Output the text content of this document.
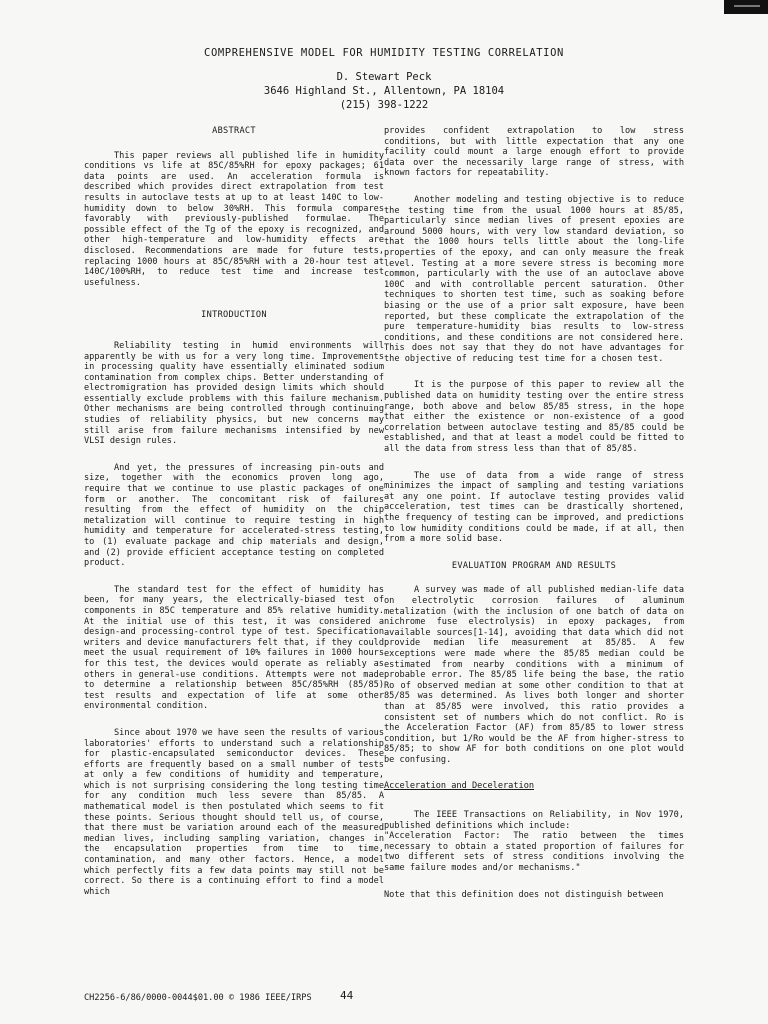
COMPREHENSIVE MODEL FOR HUMIDITY TESTING CORRELATION
D. Stewart Peck
3646 Highland St., Allentown, PA 18104
(215) 398-1222
ABSTRACT

This paper reviews all published life in humidity conditions vs life at 85C/85%RH for epoxy packages; 61 data points are used. An acceleration formula is described which provides direct extrapolation from test results in autoclave tests at up to at least 140C to low-humidity down to below 30%RH. This formula compares favorably with previously-published formulae. The possible effect of the Tg of the epoxy is recognized, and other high-temperature and low-humidity effects are disclosed. Recommendations are made for future tests, replacing 1000 hours at 85C/85%RH with a 20-hour test at 140C/100%RH, to reduce test time and increase test usefulness.

INTRODUCTION

Reliability testing in humid environments will apparently be with us for a very long time. Improvements in processing quality have essentially eliminated sodium contamination from complex chips. Better understanding of electromigration has provided design limits which should essentially exclude problems with this failure mechanism. Other mechanisms are being controlled through continuing studies of reliability physics, but new concerns may still arise from failure mechanisms intensified by new VLSI design rules.

And yet, the pressures of increasing pin-outs and size, together with the economics proven long ago, require that we continue to use plastic packages of one form or another. The concomitant risk of failures resulting from the effect of humidity on the chip metalization will continue to require testing in high humidity and temperature for accelerated-stress testing, to (1) evaluate package and chip materials and design, and (2) provide efficient acceptance testing on completed product.

The standard test for the effect of humidity has been, for many years, the electrically-biased test of components in 85C temperature and 85% relative humidity. At the initial use of this test, it was considered a design-and processing-control type of test. Specification writers and device manufacturers felt that, if they could meet the usual requirement of 10% failures in 1000 hours for this test, the devices would operate as reliably as others in general-use conditions. Attempts were not made to determine a relationship between 85C/85%RH (85/85) test results and expectation of life at some other environmental condition.

Since about 1970 we have seen the results of various laboratories' efforts to understand such a relationship for plastic-encapsulated semiconductor devices. These efforts are frequently based on a small number of tests at only a few conditions of humidity and temperature, which is not surprising considering the long testing time for any condition much less severe than 85/85. A mathematical model is then postulated which seems to fit these points. Serious thought should tell us, of course, that there must be variation around each of the measured median lives, including sampling variation, changes in the encapsulation properties from time to time, contamination, and many other factors. Hence, a model which perfectly fits a few data points may still not be correct. So there is a continuing effort to find a model which

provides confident extrapolation to low stress conditions, but with little expectation that any one facility could mount a large enough effort to provide data over the necessarily large range of stress, with known factors for repeatability.

Another modeling and testing objective is to reduce the testing time from the usual 1000 hours at 85/85, particularly since median lives of present epoxies are around 5000 hours, with very low standard deviation, so that the 1000 hours tells little about the long-life properties of the epoxy, and can only measure the freak level. Testing at a more severe stress is becoming more common, particularly with the use of an autoclave above 100C and with controllable percent saturation. Other techniques to shorten test time, such as soaking before biasing or the use of a prior salt exposure, have been reported, but these complicate the extrapolation of the pure temperature-humidity bias results to low-stress conditions, and these conditions are not considered here. This does not say that they do not have advantages for the objective of reducing test time for a chosen test.

It is the purpose of this paper to review all the published data on humidity testing over the entire stress range, both above and below 85/85 stress, in the hope that either the existence or non-existence of a good correlation between autoclave testing and 85/85 could be established, and that at least a model could be fitted to all the data from stress less than that of 85/85.

The use of data from a wide range of stress minimizes the impact of sampling and testing variations at any one point. If autoclave testing provides valid acceleration, test times can be drastically shortened, the frequency of testing can be improved, and predictions to low humidity conditions could be made, if at all, then from a more solid base.

EVALUATION PROGRAM AND RESULTS

A survey was made of all published median-life data on electrolytic corrosion failures of aluminum metalization (with the inclusion of one batch of data on nichrome fuse electrolysis) in epoxy packages, from available sources[1-14], avoiding that data which did not provide median life measurement at 85/85. A few exceptions were made where the 85/85 median could be estimated from nearby conditions with a minimum of probable error. The 85/85 life being the base, the ratio Ro of observed median at some other condition to that at 85/85 was determined. As lives both longer and shorter than at 85/85 were involved, this ratio provides a consistent set of numbers which do not conflict. Ro is the Acceleration Factor (AF) from 85/85 to lower stress condition, but 1/Ro would be the AF from higher-stress to 85/85; to show AF for both conditions on one plot would be confusing.

Acceleration and Deceleration

The IEEE Transactions on Reliability, in Nov 1970, published definitions which include:

"Acceleration Factor: The ratio between the times necessary to obtain a stated proportion of failures for two different sets of stress conditions involving the same failure modes and/or mechanisms."

Note that this definition does not distinguish between

CH2256-6/86/0000-0044$01.00 © 1986 IEEE/IRPS	44
